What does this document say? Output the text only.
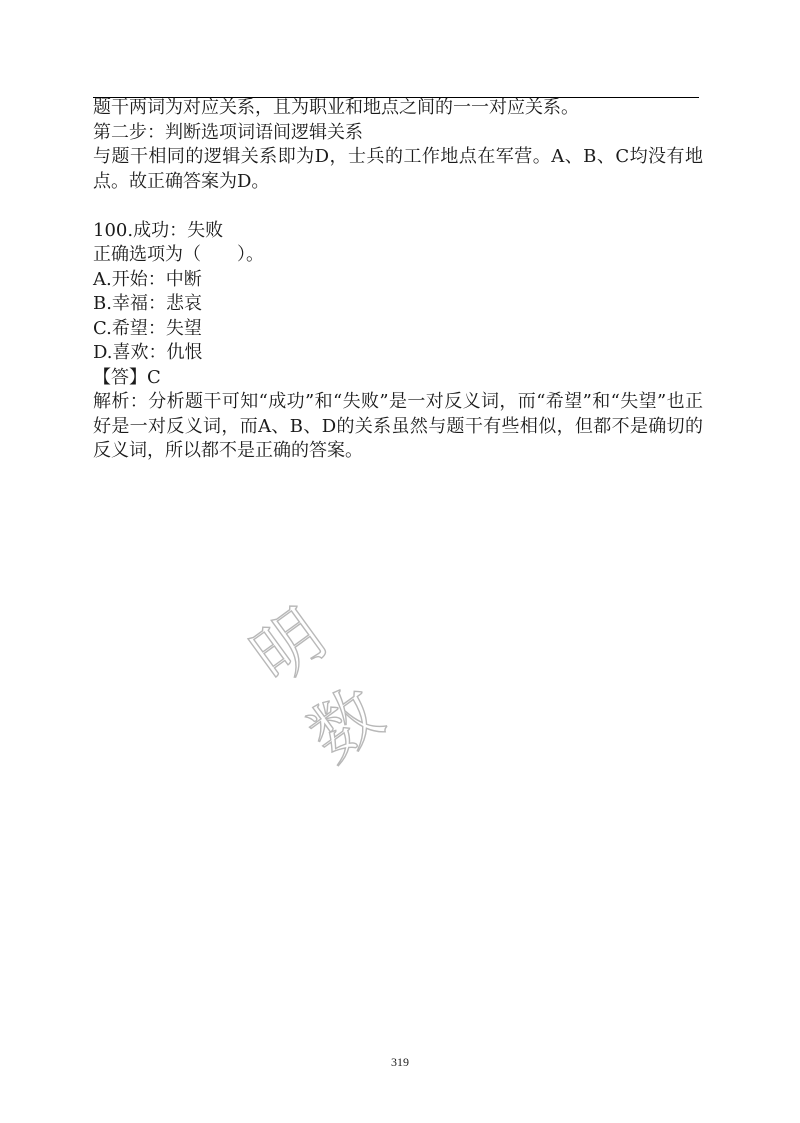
题干两词为对应关系，且为职业和地点之间的一一对应关系。
第二步：判断选项词语间逻辑关系
与题干相同的逻辑关系即为D，士兵的工作地点在军营。A、B、C均没有地点。故正确答案为D。
100.成功：失败
正确选项为（　　）。
A.开始：中断
B.幸福：悲哀
C.希望：失望
D.喜欢：仇恨
【答】C
解析：分析题干可知“成功”和“失败”是一对反义词，而“希望”和“失望”也正好是一对反义词，而A、B、D的关系虽然与题干有些相似，但都不是确切的反义词，所以都不是正确的答案。
明 数
319
